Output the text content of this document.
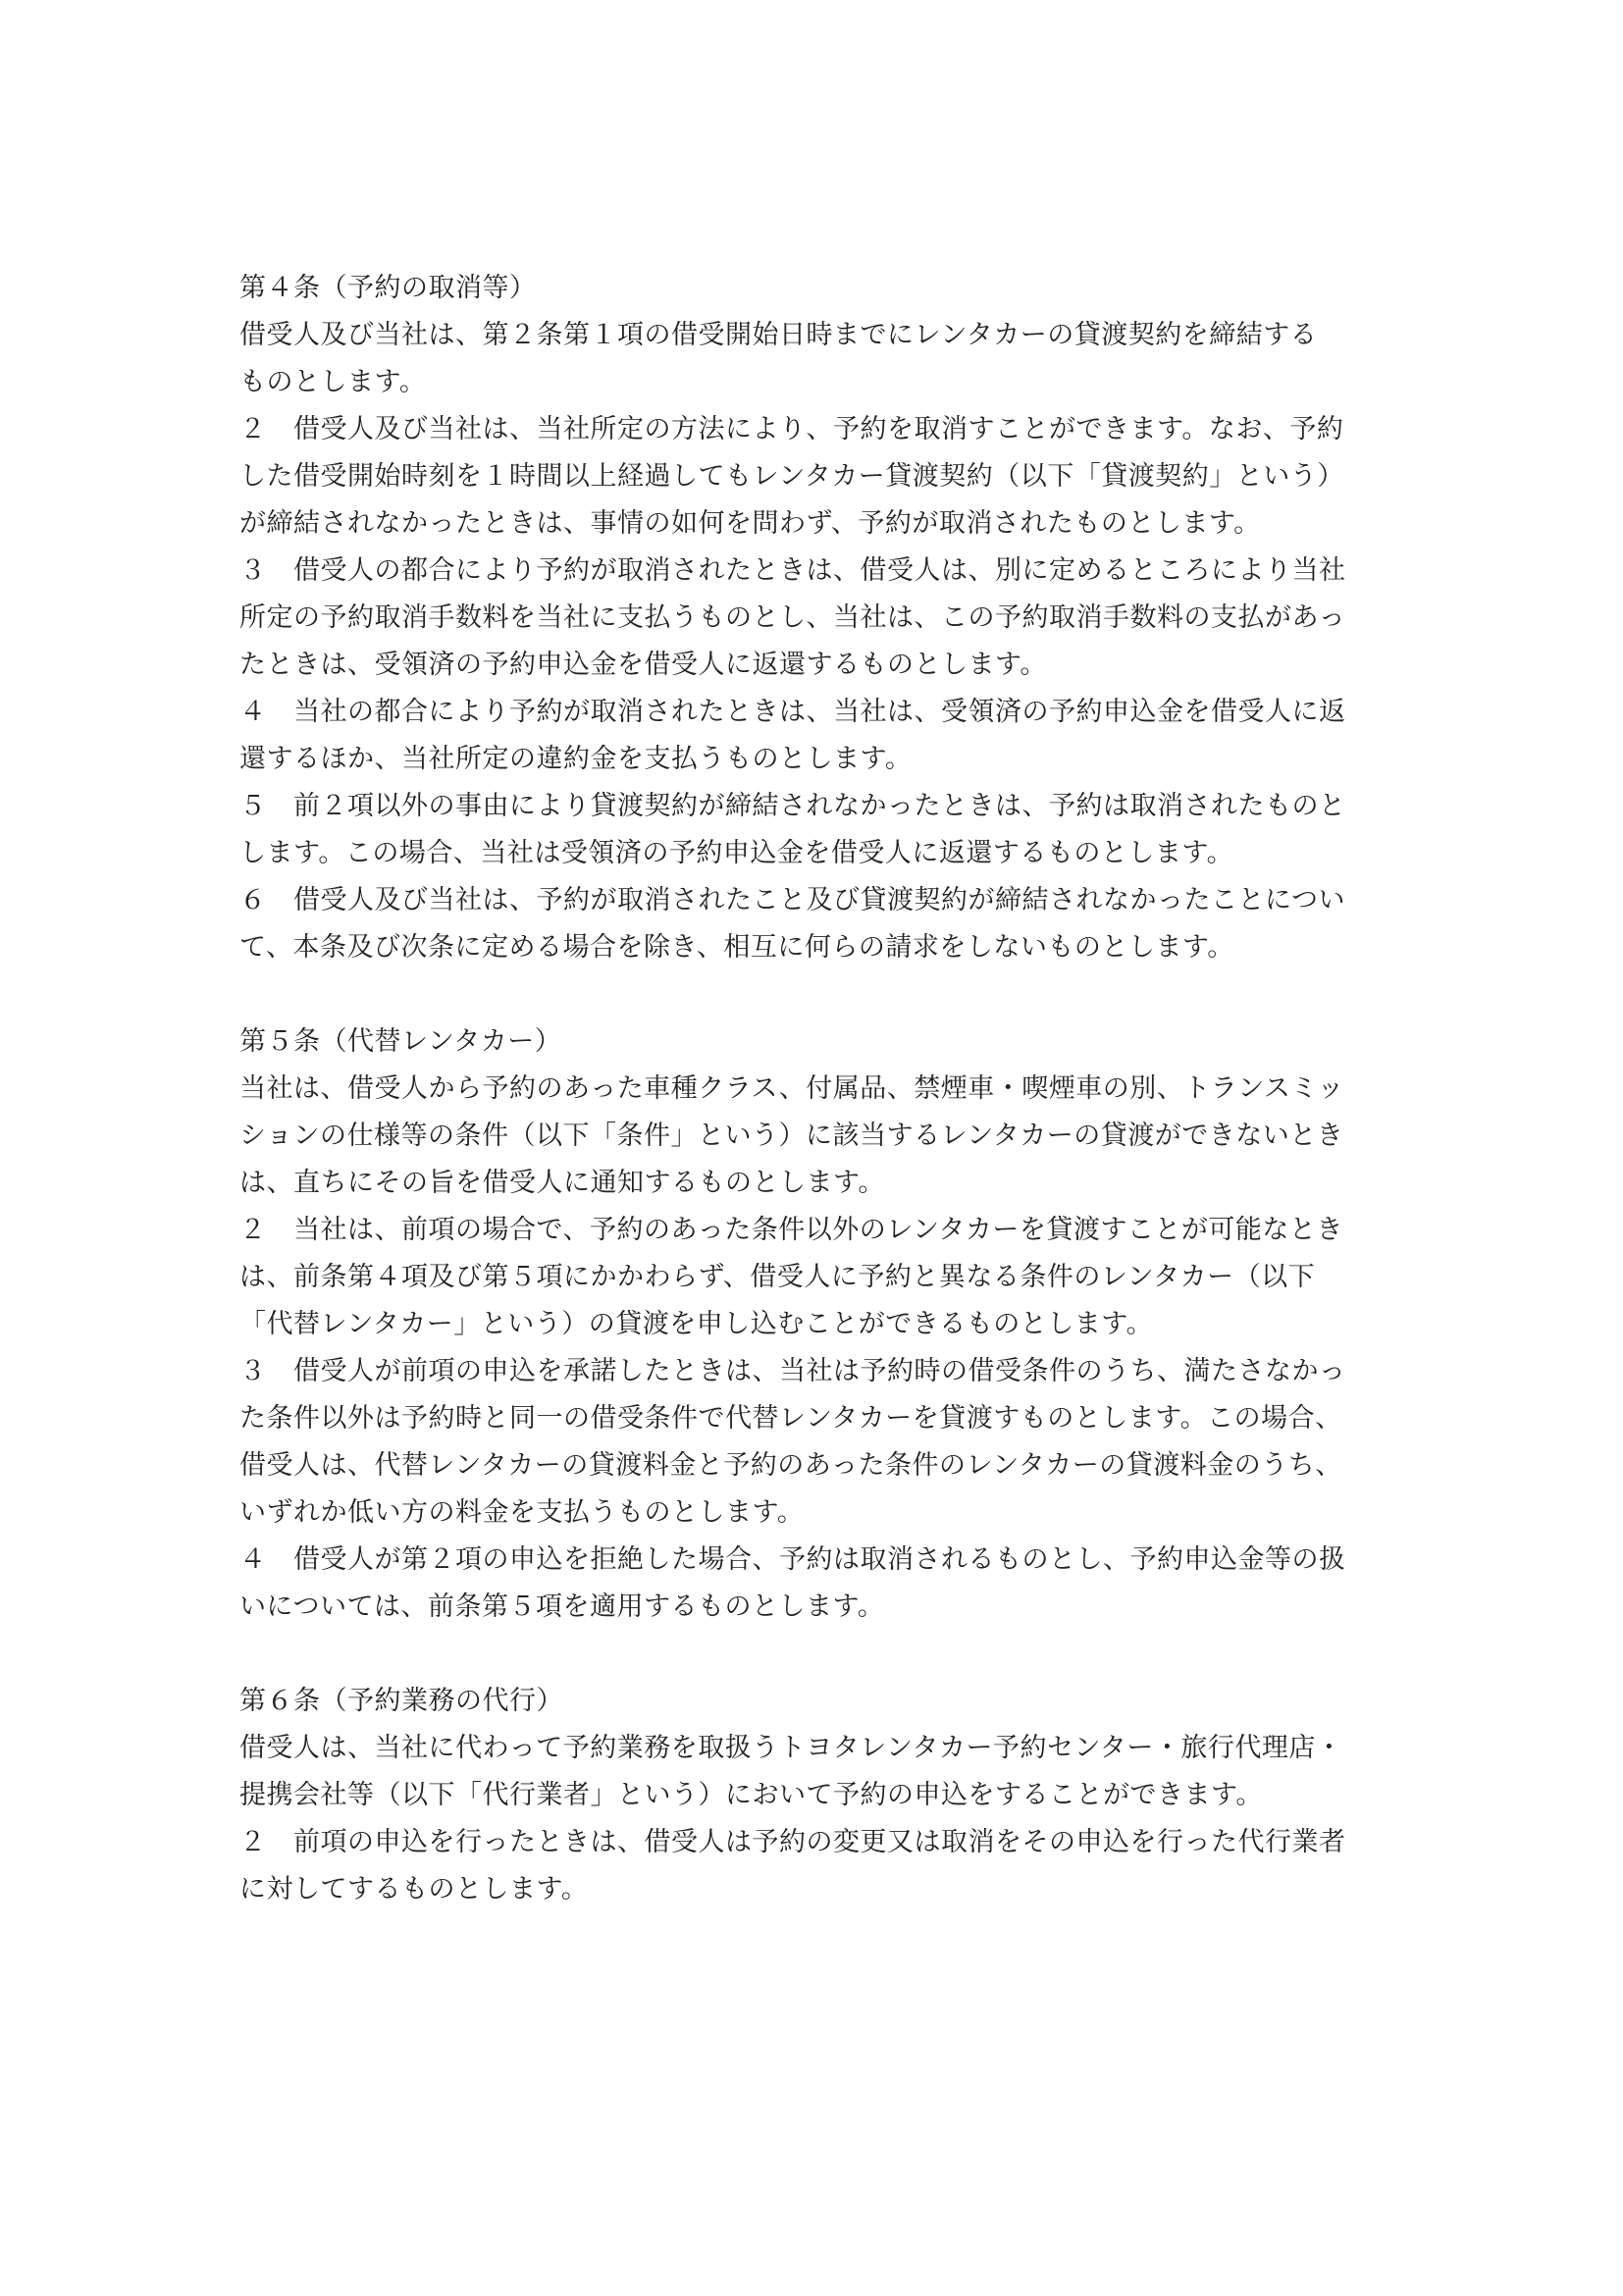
第４条（予約の取消等）
借受人及び当社は、第２条第１項の借受開始日時までにレンタカーの貸渡契約を締結する
ものとします。
２　借受人及び当社は、当社所定の方法により、予約を取消すことができます。なお、予約
した借受開始時刻を１時間以上経過してもレンタカー貸渡契約（以下「貸渡契約」という）
が締結されなかったときは、事情の如何を問わず、予約が取消されたものとします。
３　借受人の都合により予約が取消されたときは、借受人は、別に定めるところにより当社
所定の予約取消手数料を当社に支払うものとし、当社は、この予約取消手数料の支払があっ
たときは、受領済の予約申込金を借受人に返還するものとします。
４　当社の都合により予約が取消されたときは、当社は、受領済の予約申込金を借受人に返
還するほか、当社所定の違約金を支払うものとします。
５　前２項以外の事由により貸渡契約が締結されなかったときは、予約は取消されたものと
します。この場合、当社は受領済の予約申込金を借受人に返還するものとします。
６　借受人及び当社は、予約が取消されたこと及び貸渡契約が締結されなかったことについ
て、本条及び次条に定める場合を除き、相互に何らの請求をしないものとします。
第５条（代替レンタカー）
当社は、借受人から予約のあった車種クラス、付属品、禁煙車・喫煙車の別、トランスミッ
ションの仕様等の条件（以下「条件」という）に該当するレンタカーの貸渡ができないとき
は、直ちにその旨を借受人に通知するものとします。
２　当社は、前項の場合で、予約のあった条件以外のレンタカーを貸渡すことが可能なとき
は、前条第４項及び第５項にかかわらず、借受人に予約と異なる条件のレンタカー（以下
「代替レンタカー」という）の貸渡を申し込むことができるものとします。
３　借受人が前項の申込を承諾したときは、当社は予約時の借受条件のうち、満たさなかっ
た条件以外は予約時と同一の借受条件で代替レンタカーを貸渡すものとします。この場合、
借受人は、代替レンタカーの貸渡料金と予約のあった条件のレンタカーの貸渡料金のうち、
いずれか低い方の料金を支払うものとします。
４　借受人が第２項の申込を拒絶した場合、予約は取消されるものとし、予約申込金等の扱
いについては、前条第５項を適用するものとします。
第６条（予約業務の代行）
借受人は、当社に代わって予約業務を取扱うトヨタレンタカー予約センター・旅行代理店・
提携会社等（以下「代行業者」という）において予約の申込をすることができます。
２　前項の申込を行ったときは、借受人は予約の変更又は取消をその申込を行った代行業者
に対してするものとします。
